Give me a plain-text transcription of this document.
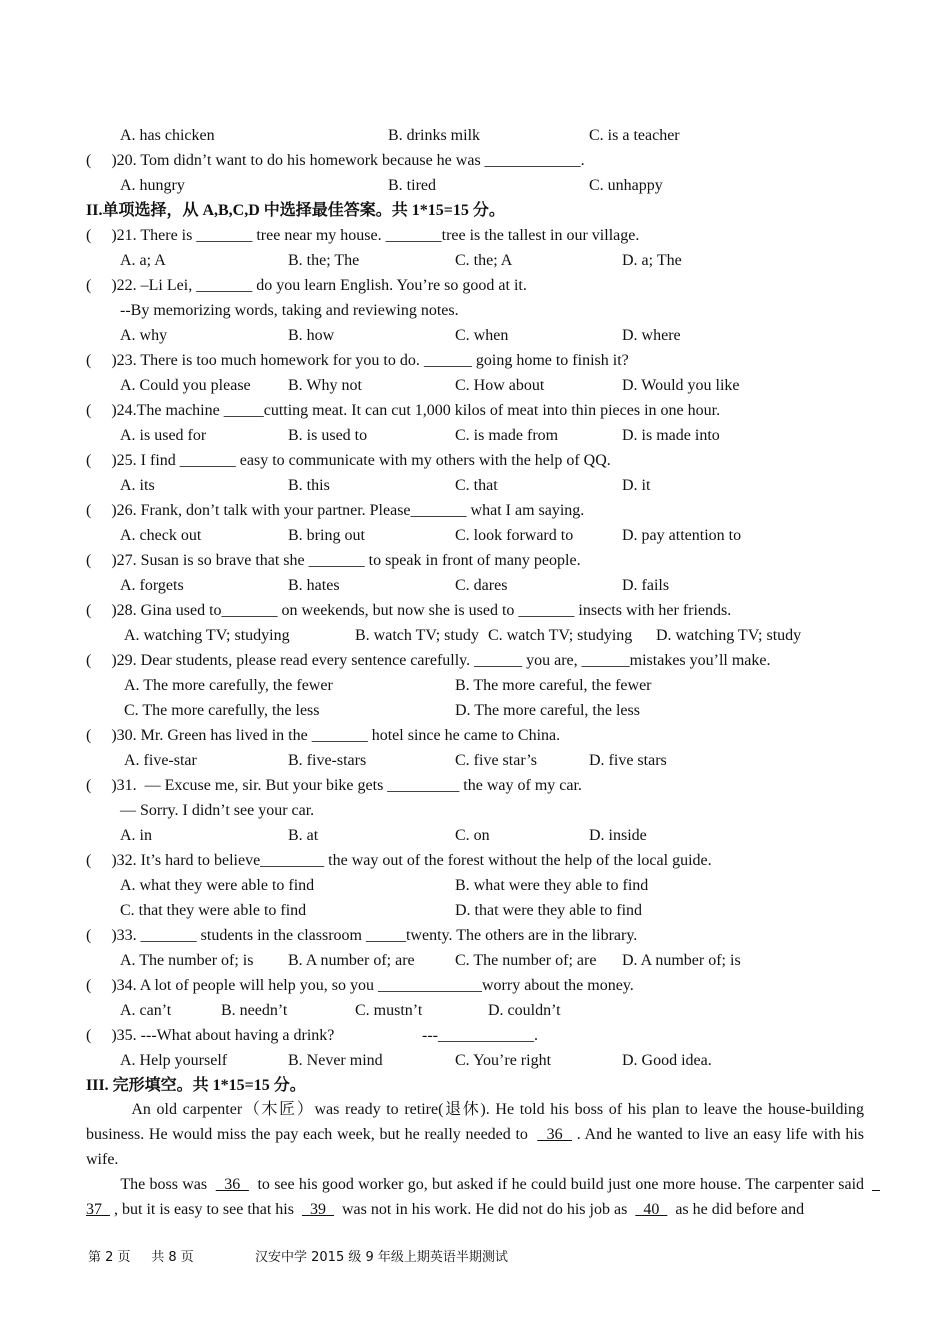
A. has chicken	B. drinks milk	C. is a teacher
(     )20. Tom didn’t want to do his homework because he was ____________.
A. hungry	B. tired	C. unhappy
II.单项选择，从 A,B,C,D 中选择最佳答案。共 1*15=15 分。
(     )21. There is _______ tree near my house. _______tree is the tallest in our village.
A. a; A	B. the; The	C. the; A	D. a; The
(     )22. –Li Lei, _______ do you learn English. You’re so good at it.
--By memorizing words, taking and reviewing notes.
A. why	B. how	C. when	D. where
(     )23. There is too much homework for you to do. ______ going home to finish it?
A. Could you please B. Why not	C. How about	D. Would you like
(     )24.The machine _____cutting meat. It can cut 1,000 kilos of meat into thin pieces in one hour.
A. is used for	B. is used to	C. is made from	D. is made into
(     )25. I find _______ easy to communicate with my others with the help of QQ.
A. its	B. this	C. that	D. it
(     )26. Frank, don’t talk with your partner. Please_______ what I am saying.
A. check out	B. bring out	C. look forward to	D. pay attention to
(     )27. Susan is so brave that she _______ to speak in front of many people.
A. forgets	B. hates	C. dares	D. fails
(     )28. Gina used to_______ on weekends, but now she is used to _______ insects with her friends.
A. watching TV; studying	B. watch TV; study C. watch TV; studying D. watching TV; study
(     )29. Dear students, please read every sentence carefully. ______ you are, ______mistakes you’ll make.
A. The more carefully, the fewer	B. The more careful, the fewer
C. The more carefully, the less	D. The more careful, the less
(     )30. Mr. Green has lived in the _______ hotel since he came to China.
A. five-star	B. five-stars	C. five star’s	D. five stars
(     )31.  — Excuse me, sir. But your bike gets _________ the way of my car.
— Sorry. I didn’t see your car.
A. in	B. at	C. on	D. inside
(     )32. It’s hard to believe________ the way out of the forest without the help of the local guide.
A. what they were able to find	B. what were they able to find
C. that they were able to find	D. that were they able to find
(     )33. _______ students in the classroom _____twenty. The others are in the library.
A. The number of; is B. A number of; are	C. The number of; are D. A number of; is
(     )34. A lot of people will help you, so you _____________worry about the money.
A. can’t	B. needn’t	C. mustn’t	D. couldn’t
(     )35. ---What about having a drink?	---____________.
A. Help yourself	B. Never mind	C. You’re right	D. Good idea.
III. 完形填空。共 1*15=15 分。
An old carpenter（木匠）was ready to retire(退休). He told his boss of his plan to leave the house-building business. He would miss the pay each week, but he really needed to    36   . And he wanted to live an easy life with his wife.
The boss was    36    to see his good worker go, but asked if he could build just one more house. The carpenter said    37   , but it is easy to see that his    39    was not in his work. He did not do his job as    40    as he did before and
第 2 页     共 8 页	汉安中学 2015 级 9 年级上期英语半期测试
